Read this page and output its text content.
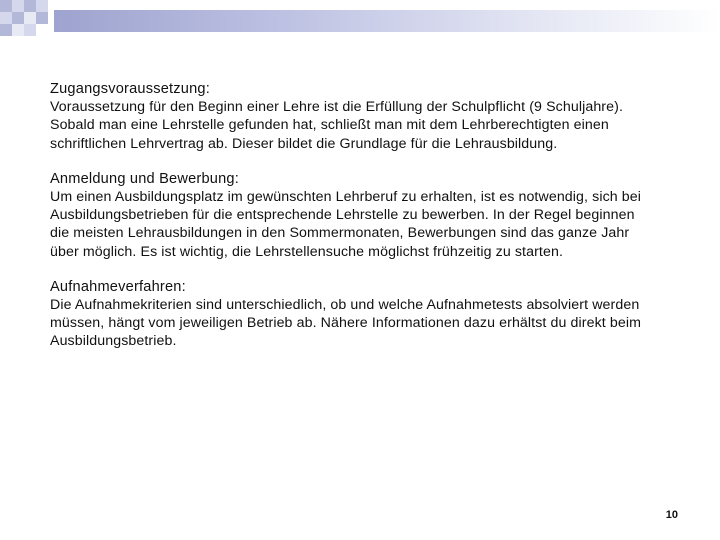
Zugangsvoraussetzung:

Voraussetzung für den Beginn einer Lehre ist die Erfüllung der Schulpflicht (9 Schuljahre). Sobald man eine Lehrstelle gefunden hat, schließt man mit dem Lehrberechtigten einen schriftlichen Lehrvertrag ab. Dieser bildet die Grundlage für die Lehrausbildung.

Anmeldung und Bewerbung:

Um einen Ausbildungsplatz im gewünschten Lehrberuf zu erhalten, ist es notwendig, sich bei Ausbildungsbetrieben für die entsprechende Lehrstelle zu bewerben. In der Regel beginnen die meisten Lehrausbildungen in den Sommermonaten, Bewerbungen sind das ganze Jahr über möglich. Es ist wichtig, die Lehrstellensuche möglichst frühzeitig zu starten.

Aufnahmeverfahren:

Die Aufnahmekriterien sind unterschiedlich, ob und welche Aufnahmetests absolviert werden müssen, hängt vom jeweiligen Betrieb ab. Nähere Informationen dazu erhältst du direkt beim Ausbildungsbetrieb.

10
